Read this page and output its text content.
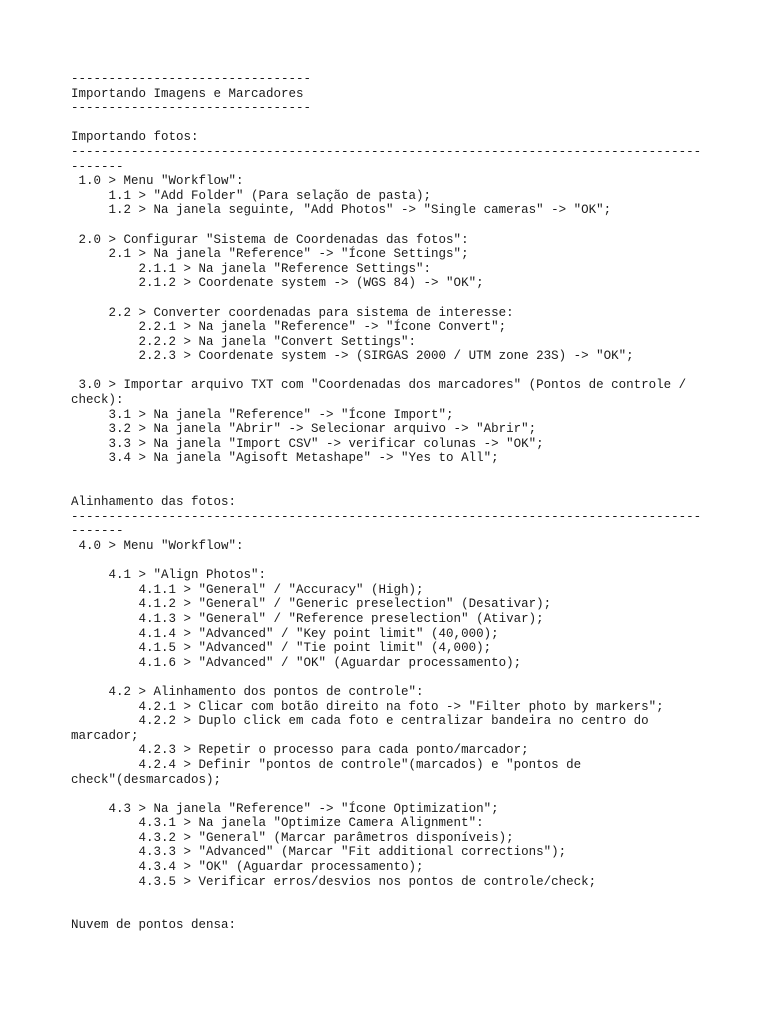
--------------------------------
Importando Imagens e Marcadores
--------------------------------
Importando fotos:
------------------------------------------------------------------------------------
-------
1.0 > Menu "Workflow":
1.1 > "Add Folder" (Para selação de pasta);
1.2 > Na janela seguinte, "Add Photos" -> "Single cameras" -> "OK";
2.0 > Configurar "Sistema de Coordenadas das fotos":
2.1 > Na janela "Reference" -> "Ícone Settings";
2.1.1 > Na janela "Reference Settings":
2.1.2 > Coordenate system -> (WGS 84) -> "OK";
2.2 > Converter coordenadas para sistema de interesse:
2.2.1 > Na janela "Reference" -> "Ícone Convert";
2.2.2 > Na janela "Convert Settings":
2.2.3 > Coordenate system -> (SIRGAS 2000 / UTM zone 23S) -> "OK";
3.0 > Importar arquivo TXT com "Coordenadas dos marcadores" (Pontos de controle /
check):
3.1 > Na janela "Reference" -> "Ícone Import";
3.2 > Na janela "Abrir" -> Selecionar arquivo -> "Abrir";
3.3 > Na janela "Import CSV" -> verificar colunas -> "OK";
3.4 > Na janela "Agisoft Metashape" -> "Yes to All";
Alinhamento das fotos:
------------------------------------------------------------------------------------
-------
4.0 > Menu "Workflow":
4.1 > "Align Photos":
4.1.1 > "General" / "Accuracy" (High);
4.1.2 > "General" / "Generic preselection" (Desativar);
4.1.3 > "General" / "Reference preselection" (Ativar);
4.1.4 > "Advanced" / "Key point limit" (40,000);
4.1.5 > "Advanced" / "Tie point limit" (4,000);
4.1.6 > "Advanced" / "OK" (Aguardar processamento);
4.2 > Alinhamento dos pontos de controle":
4.2.1 > Clicar com botão direito na foto -> "Filter photo by markers";
4.2.2 > Duplo click em cada foto e centralizar bandeira no centro do
marcador;
4.2.3 > Repetir o processo para cada ponto/marcador;
4.2.4 > Definir "pontos de controle"(marcados) e "pontos de
check"(desmarcados);
4.3 > Na janela "Reference" -> "Ícone Optimization";
4.3.1 > Na janela "Optimize Camera Alignment":
4.3.2 > "General" (Marcar parâmetros disponíveis);
4.3.3 > "Advanced" (Marcar "Fit additional corrections");
4.3.4 > "OK" (Aguardar processamento);
4.3.5 > Verificar erros/desvios nos pontos de controle/check;
Nuvem de pontos densa:
